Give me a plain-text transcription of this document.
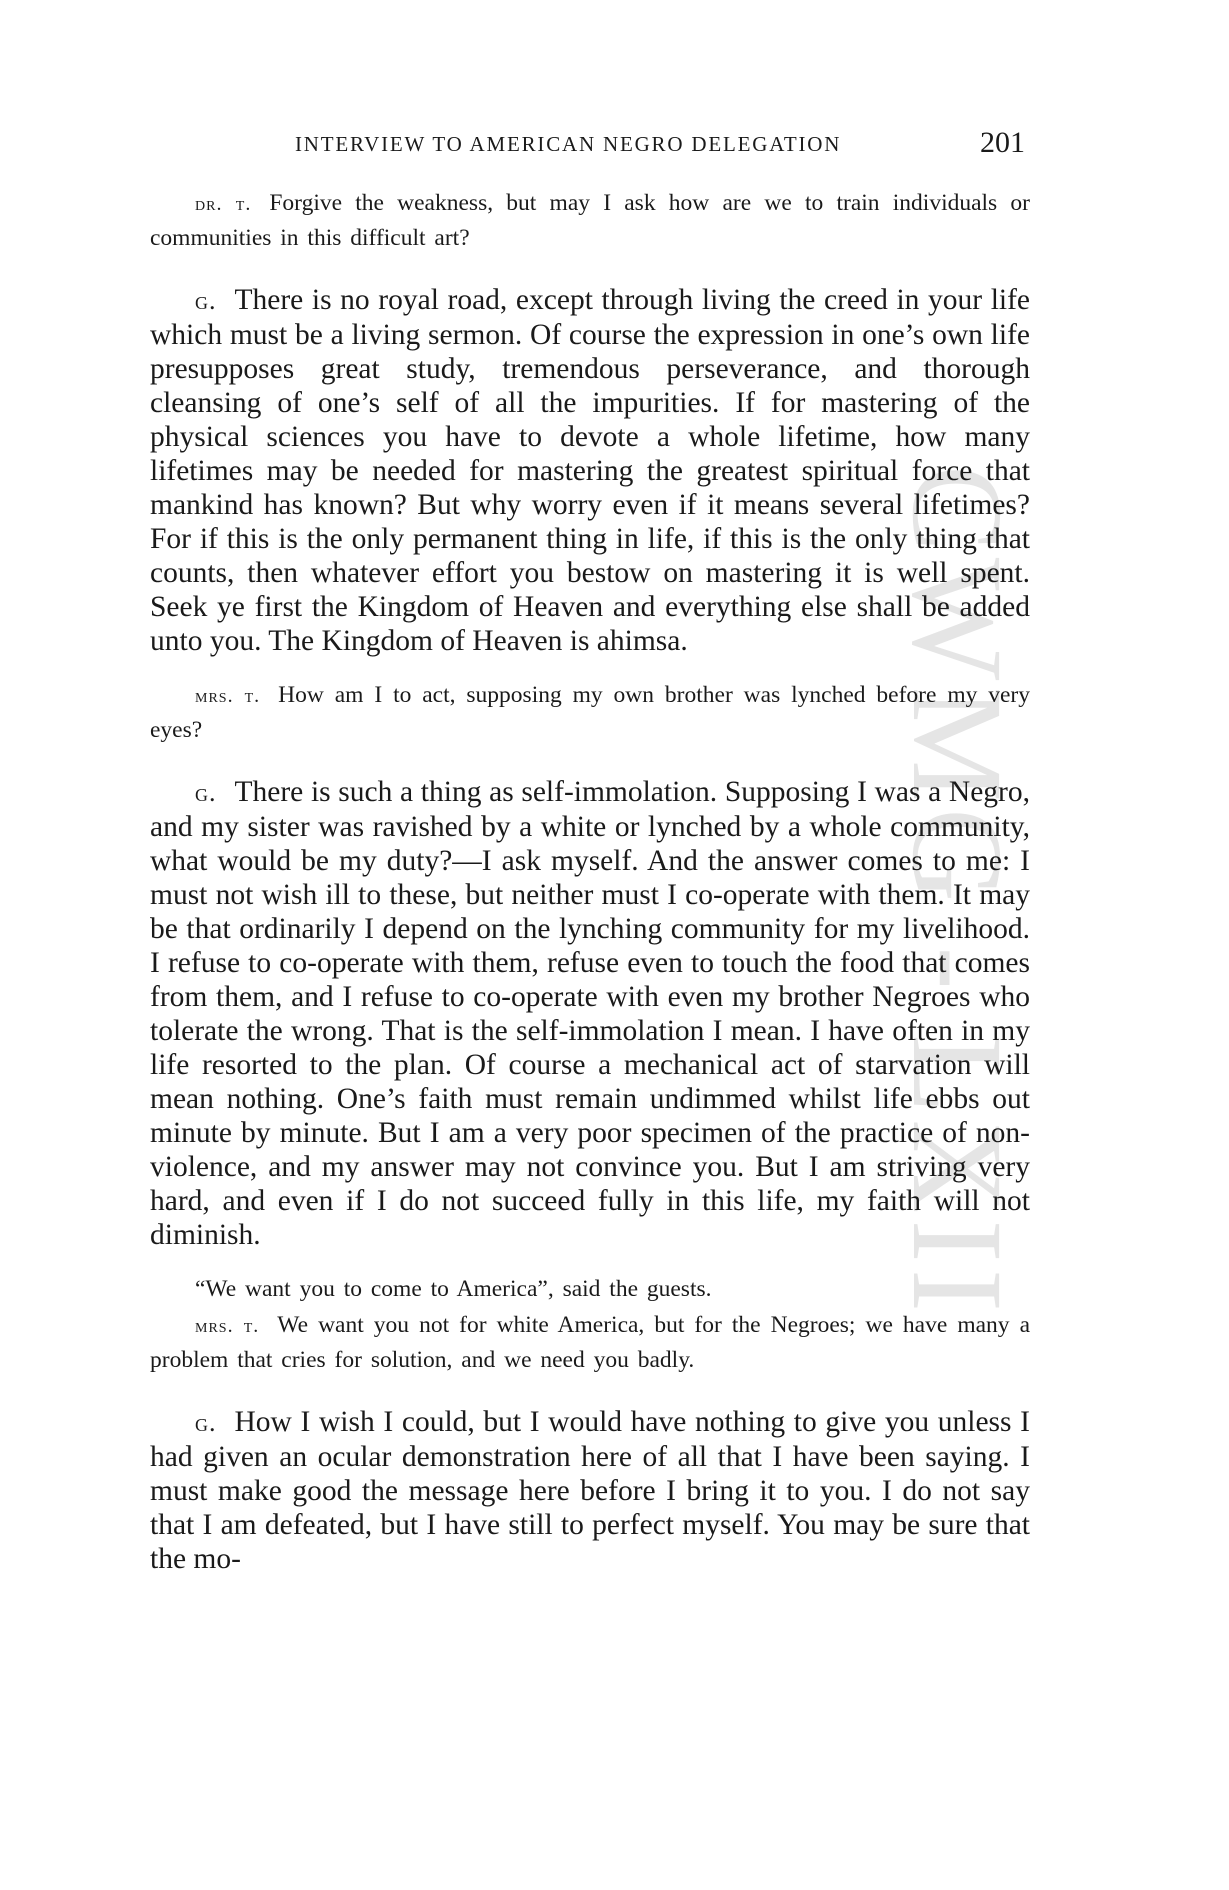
CWMG - LXII
INTERVIEW TO AMERICAN NEGRO DELEGATION	201

dr. t. Forgive the weakness, but may I ask how are we to train individuals or communities in this difficult art?

g. There is no royal road, except through living the creed in your life which must be a living sermon. Of course the expression in one’s own life presupposes great study, tremendous perseverance, and thorough cleansing of one’s self of all the impurities. If for mastering of the physical sciences you have to devote a whole lifetime, how many lifetimes may be needed for mastering the greatest spiritual force that mankind has known? But why worry even if it means several lifetimes? For if this is the only permanent thing in life, if this is the only thing that counts, then whatever effort you bestow on mastering it is well spent. Seek ye first the Kingdom of Heaven and everything else shall be added unto you. The Kingdom of Heaven is ahimsa.

mrs. t. How am I to act, supposing my own brother was lynched before my very eyes?

g. There is such a thing as self-immolation. Supposing I was a Negro, and my sister was ravished by a white or lynched by a whole community, what would be my duty?—I ask myself. And the answer comes to me: I must not wish ill to these, but neither must I co-operate with them. It may be that ordinarily I depend on the lynching community for my livelihood. I refuse to co-operate with them, refuse even to touch the food that comes from them, and I refuse to co-operate with even my brother Negroes who tolerate the wrong. That is the self-immolation I mean. I have often in my life resorted to the plan. Of course a mechanical act of starvation will mean nothing. One’s faith must remain undimmed whilst life ebbs out minute by minute. But I am a very poor specimen of the practice of non-violence, and my answer may not convince you. But I am striving very hard, and even if I do not succeed fully in this life, my faith will not diminish.

“We want you to come to America”, said the guests.

mrs. t. We want you not for white America, but for the Negroes; we have many a problem that cries for solution, and we need you badly.

g. How I wish I could, but I would have nothing to give you unless I had given an ocular demonstration here of all that I have been saying. I must make good the message here before I bring it to you. I do not say that I am defeated, but I have still to perfect myself. You may be sure that the mo-
